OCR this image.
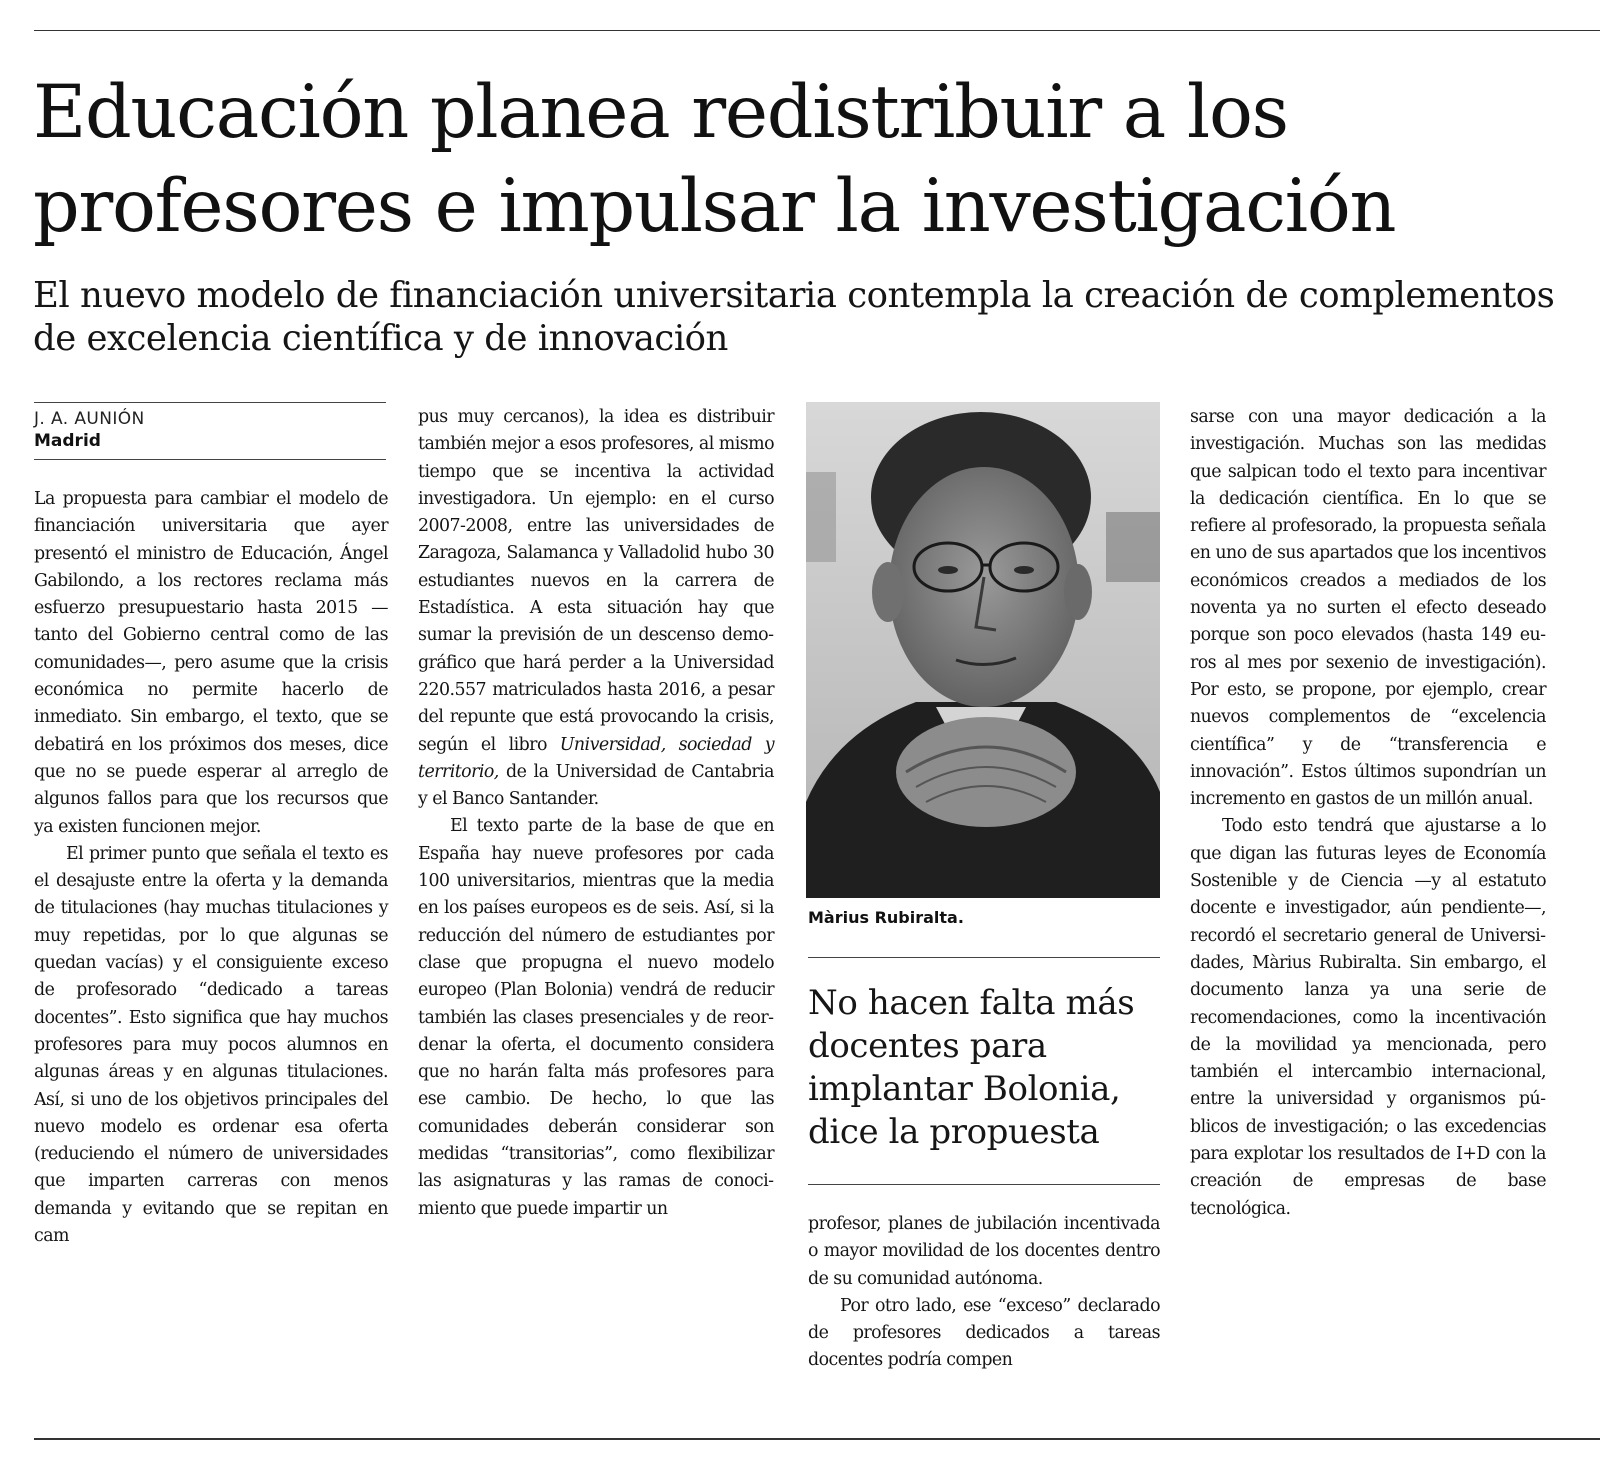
Educación planea redistribuir a los profesores e impulsar la investigación
El nuevo modelo de financiación universitaria contempla la creación de complementos de excelencia científica y de innovación
J. A. AUNIÓN
Madrid

La propuesta para cambiar el modelo de financiación universitaria que ayer presentó el ministro de Educación, Ángel Gabilondo, a los rectores reclama más esfuerzo presupuestario hasta 2015 —tanto del Gobierno central como de las comunidades—, pero asume que la crisis económica no permite hacerlo de inmediato. Sin embargo, el texto, que se debatirá en los próximos dos meses, dice que no se puede esperar al arreglo de algunos fallos para que los recursos que ya existen funcionen mejor.

El primer punto que señala el texto es el desajuste entre la oferta y la demanda de titulaciones (hay muchas titulaciones y muy repetidas, por lo que algunas se quedan vacías) y el consiguiente exceso de profesorado “dedicado a tareas docentes”. Esto significa que hay muchos profesores para muy pocos alumnos en algunas áreas y en algunas titulaciones. Así, si uno de los objetivos principales del nuevo modelo es ordenar esa oferta (reduciendo el número de universidades que imparten carreras con menos demanda y evitando que se repitan en cam

pus muy cercanos), la idea es distribuir también mejor a esos profesores, al mismo tiempo que se incentiva la actividad investigadora. Un ejemplo: en el curso 2007-2008, entre las universidades de Zaragoza, Salamanca y Valladolid hubo 30 estudiantes nuevos en la carrera de Estadística. A esta situación hay que sumar la previsión de un descenso demográfico que hará perder a la Universidad 220.557 matriculados hasta 2016, a pesar del repunte que está provocando la crisis, según el libro Universidad, sociedad y territorio, de la Universidad de Cantabria y el Banco Santander.

El texto parte de la base de que en España hay nueve profesores por cada 100 universitarios, mientras que la media en los países europeos es de seis. Así, si la reducción del número de estudiantes por clase que propugna el nuevo modelo europeo (Plan Bolonia) vendrá de reducir también las clases presenciales y de reordenar la oferta, el documento considera que no harán falta más profesores para ese cambio. De hecho, lo que las comunidades deberán considerar son medidas “transitorias”, como flexibilizar las asignaturas y las ramas de conocimiento que puede impartir un

Màrius Rubiralta.
No hacen falta más docentes para implantar Bolonia, dice la propuesta

profesor, planes de jubilación incentivada o mayor movilidad de los docentes dentro de su comunidad autónoma.

Por otro lado, ese “exceso” declarado de profesores dedicados a tareas docentes podría compen

sarse con una mayor dedicación a la investigación. Muchas son las medidas que salpican todo el texto para incentivar la dedicación científica. En lo que se refiere al profesorado, la propuesta señala en uno de sus apartados que los incentivos económicos creados a mediados de los noventa ya no surten el efecto deseado porque son poco elevados (hasta 149 euros al mes por sexenio de investigación). Por esto, se propone, por ejemplo, crear nuevos complementos de “excelencia científica” y de “transferencia e innovación”. Estos últimos supondrían un incremento en gastos de un millón anual.

Todo esto tendrá que ajustarse a lo que digan las futuras leyes de Economía Sostenible y de Ciencia —y al estatuto docente e investigador, aún pendiente—, recordó el secretario general de Universidades, Màrius Rubiralta. Sin embargo, el documento lanza ya una serie de recomendaciones, como la incentivación de la movilidad ya mencionada, pero también el intercambio internacional, entre la universidad y organismos públicos de investigación; o las excedencias para explotar los resultados de I+D con la creación de empresas de base tecnológica.
